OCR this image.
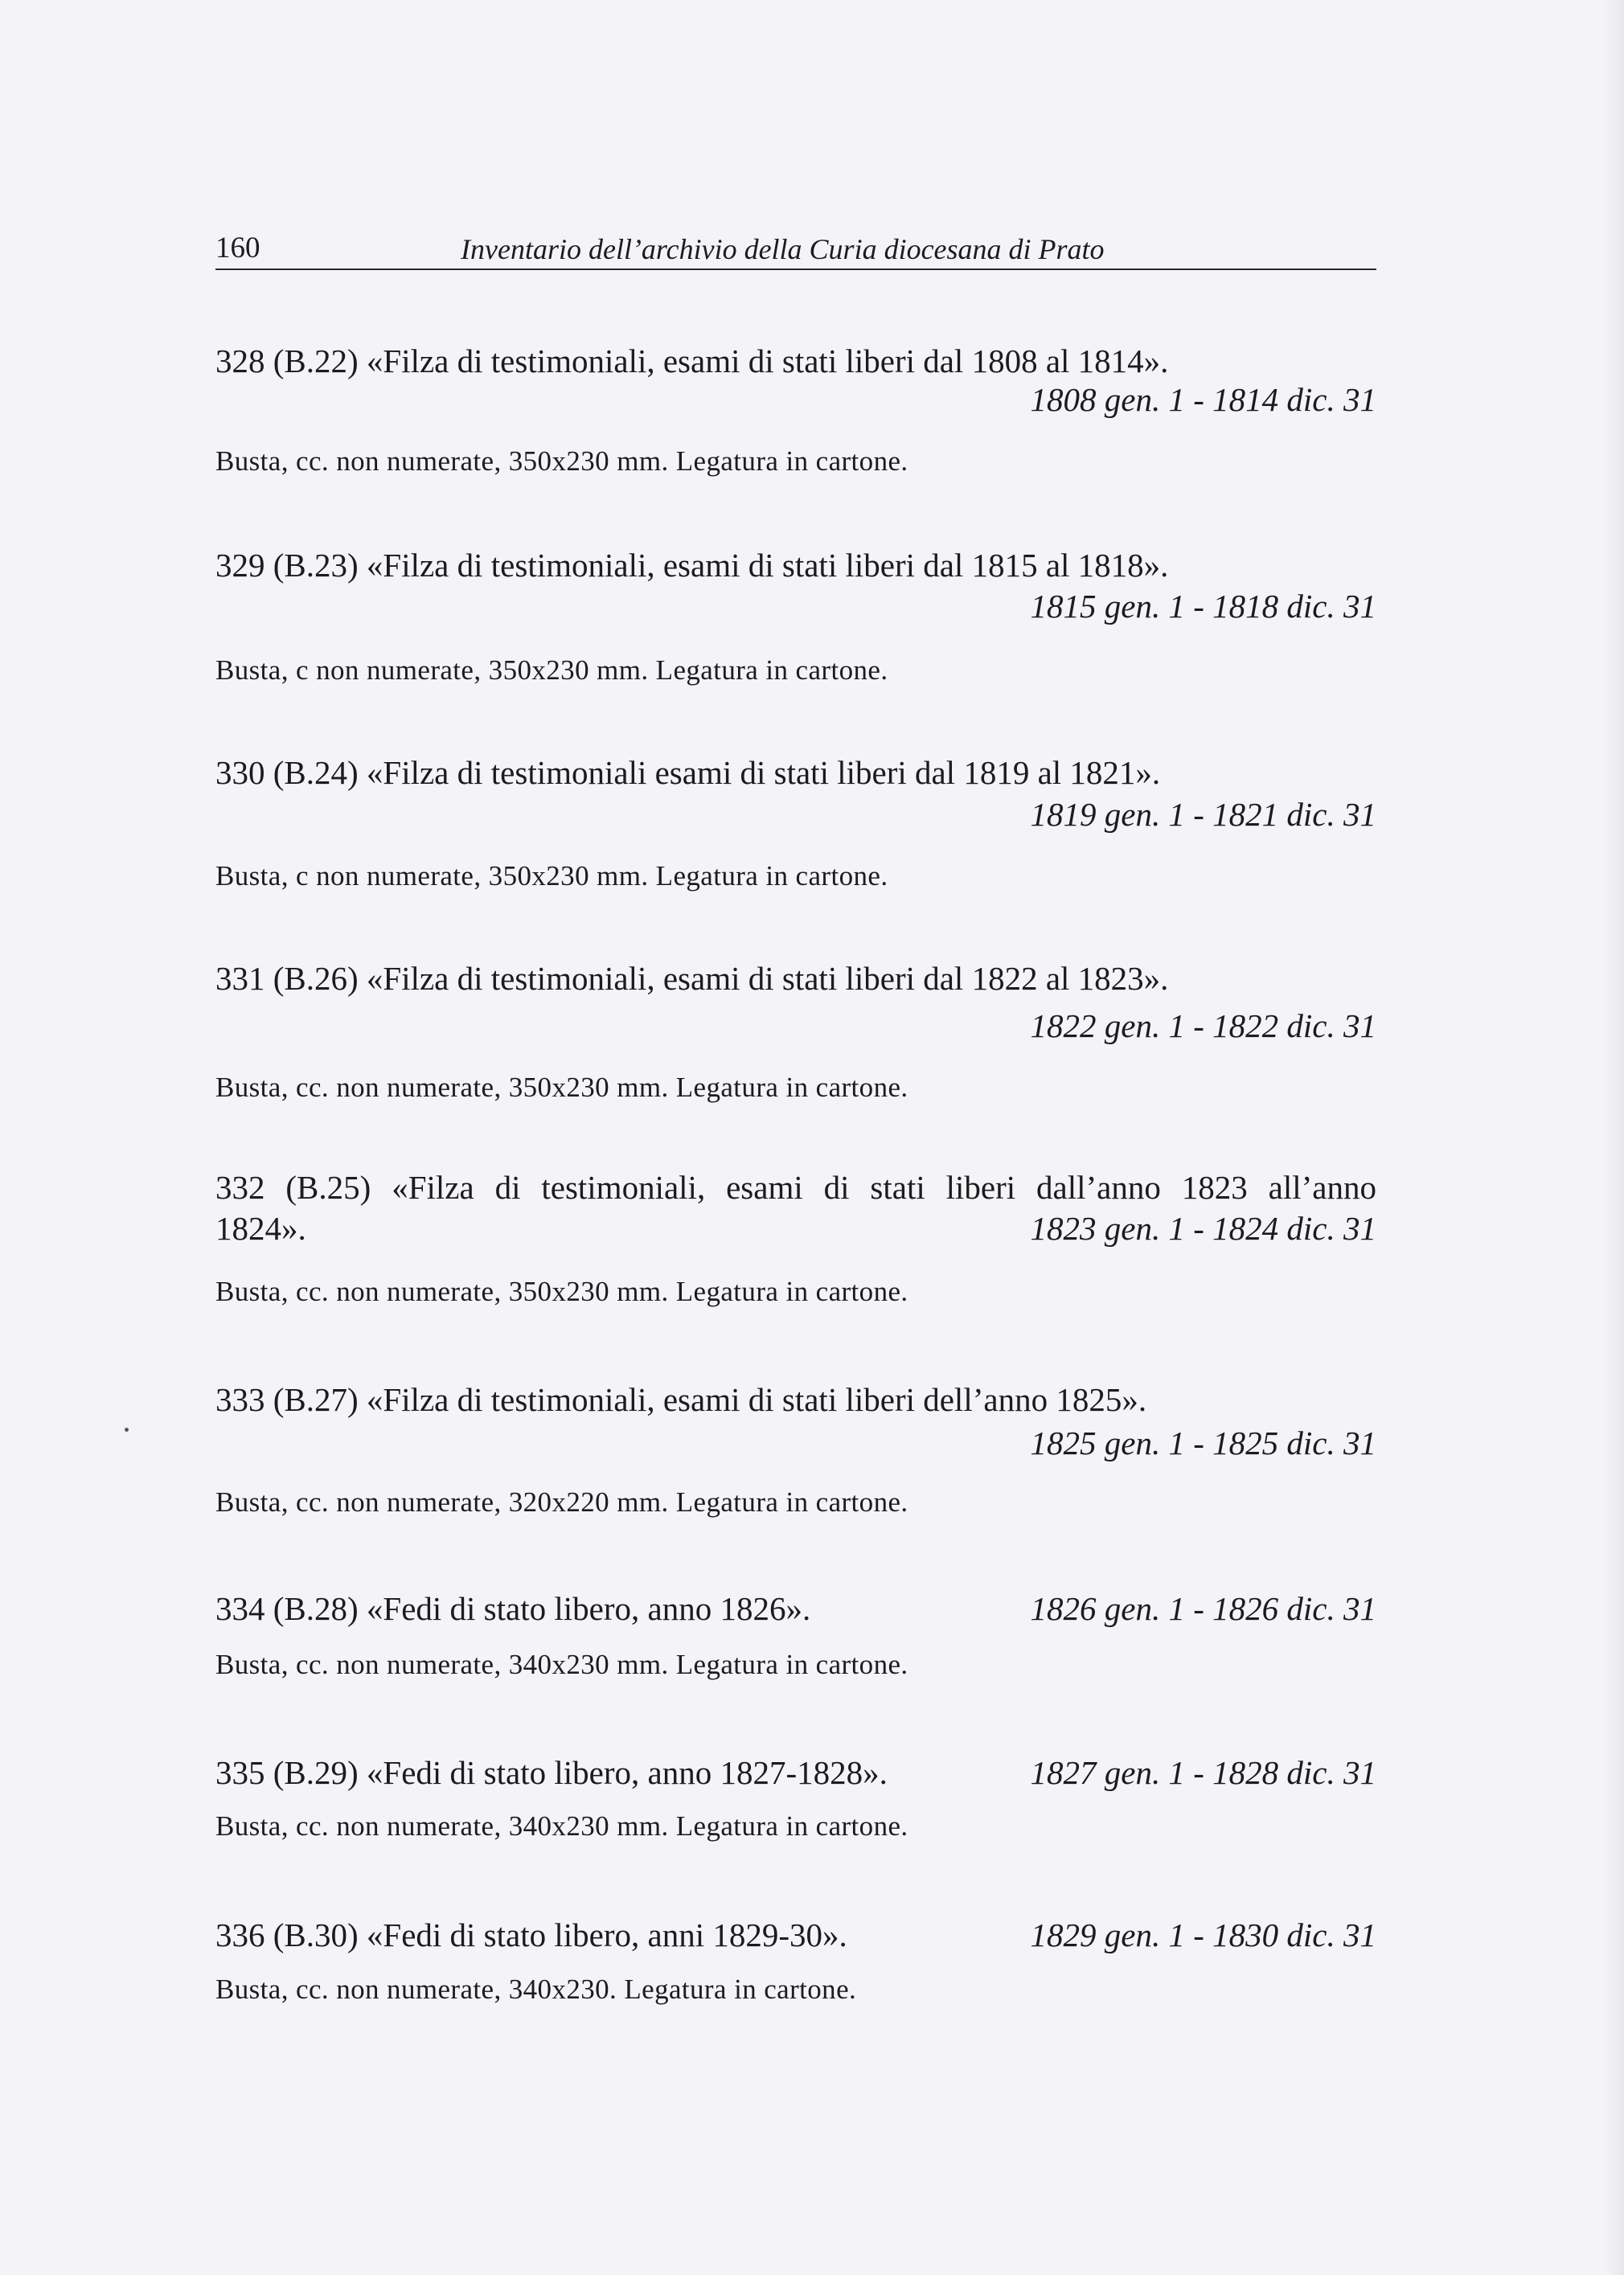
160	Inventario dell’archivio della Curia diocesana di Prato
328 (B.22) «Filza di testimoniali, esami di stati liberi dal 1808 al 1814».
1808 gen. 1 - 1814 dic. 31
Busta, cc. non numerate, 350x230 mm. Legatura in cartone.
329 (B.23) «Filza di testimoniali, esami di stati liberi dal 1815 al 1818».
1815 gen. 1 - 1818 dic. 31
Busta, c non numerate, 350x230 mm. Legatura in cartone.
330 (B.24) «Filza di testimoniali esami di stati liberi dal 1819 al 1821».
1819 gen. 1 - 1821 dic. 31
Busta, c non numerate, 350x230 mm. Legatura in cartone.
331 (B.26) «Filza di testimoniali, esami di stati liberi dal 1822 al 1823».
1822 gen. 1 - 1822 dic. 31
Busta, cc. non numerate, 350x230 mm. Legatura in cartone.
332 (B.25) «Filza di testimoniali, esami di stati liberi dall’anno 1823 all’anno
1824».	1823 gen. 1 - 1824 dic. 31
Busta, cc. non numerate, 350x230 mm. Legatura in cartone.
333 (B.27) «Filza di testimoniali, esami di stati liberi dell’anno 1825».
1825 gen. 1 - 1825 dic. 31
Busta, cc. non numerate, 320x220 mm. Legatura in cartone.
334 (B.28) «Fedi di stato libero, anno 1826».	1826 gen. 1 - 1826 dic. 31
Busta, cc. non numerate, 340x230 mm. Legatura in cartone.
335 (B.29) «Fedi di stato libero, anno 1827-1828».	1827 gen. 1 - 1828 dic. 31
Busta, cc. non numerate, 340x230 mm. Legatura in cartone.
336 (B.30) «Fedi di stato libero, anni 1829-30».	1829 gen. 1 - 1830 dic. 31
Busta, cc. non numerate, 340x230. Legatura in cartone.
